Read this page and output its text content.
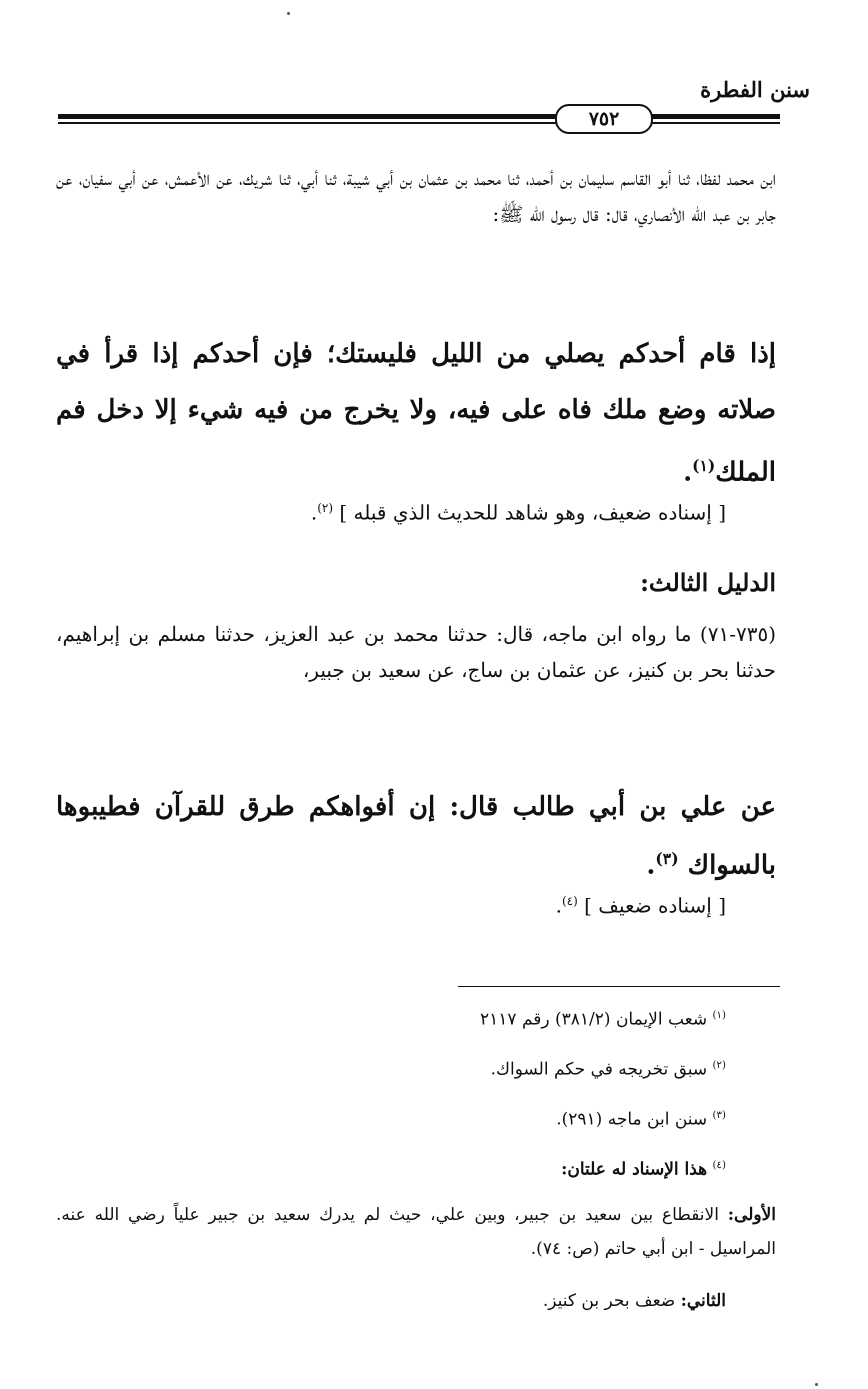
سنن الفطرة
٧٥٢
ابن محمد لفظا، ثنا أبو القاسم سليمان بن أحمد، ثنا محمد بن عثمان بن أبي شيبة، ثنا أبي، ثنا شريك، عن الأعمش، عن أبي سفيان، عن جابر بن عبد الله الأنصاري، قال: قال رسول الله ﷺ:
إذا قام أحدكم يصلي من الليل فليستك؛ فإن أحدكم إذا قرأ في صلاته وضع ملك فاه على فيه، ولا يخرج من فيه شيء إلا دخل فم الملك$^{(١)}$.
[ إسناده ضعيف، وهو شاهد للحديث الذي قبله ] $^{(٢)}$.
الدليل الثالث:
(٧٣٥-٧١) ما رواه ابن ماجه، قال: حدثنا محمد بن عبد العزيز، حدثنا مسلم بن إبراهيم، حدثنا بحر بن كنيز، عن عثمان بن ساج، عن سعيد بن جبير،
عن علي بن أبي طالب قال: إن أفواهكم طرق للقرآن فطيبوها بالسواك $^{(٣)}$.
[ إسناده ضعيف ] $^{(٤)}$.
$^{(١)}$ شعب الإيمان (٣٨١/٢) رقم ٢١١٧
$^{(٢)}$ سبق تخريجه في حكم السواك.
$^{(٣)}$ سنن ابن ماجه (٢٩١).
$^{(٤)}$ هذا الإسناد له علتان:
الأولى: الانقطاع بين سعيد بن جبير، وبين علي، حيث لم يدرك سعيد بن جبير علياً رضي الله عنه. المراسيل - ابن أبي حاتم (ص: ٧٤).
الثاني: ضعف بحر بن كنيز.
